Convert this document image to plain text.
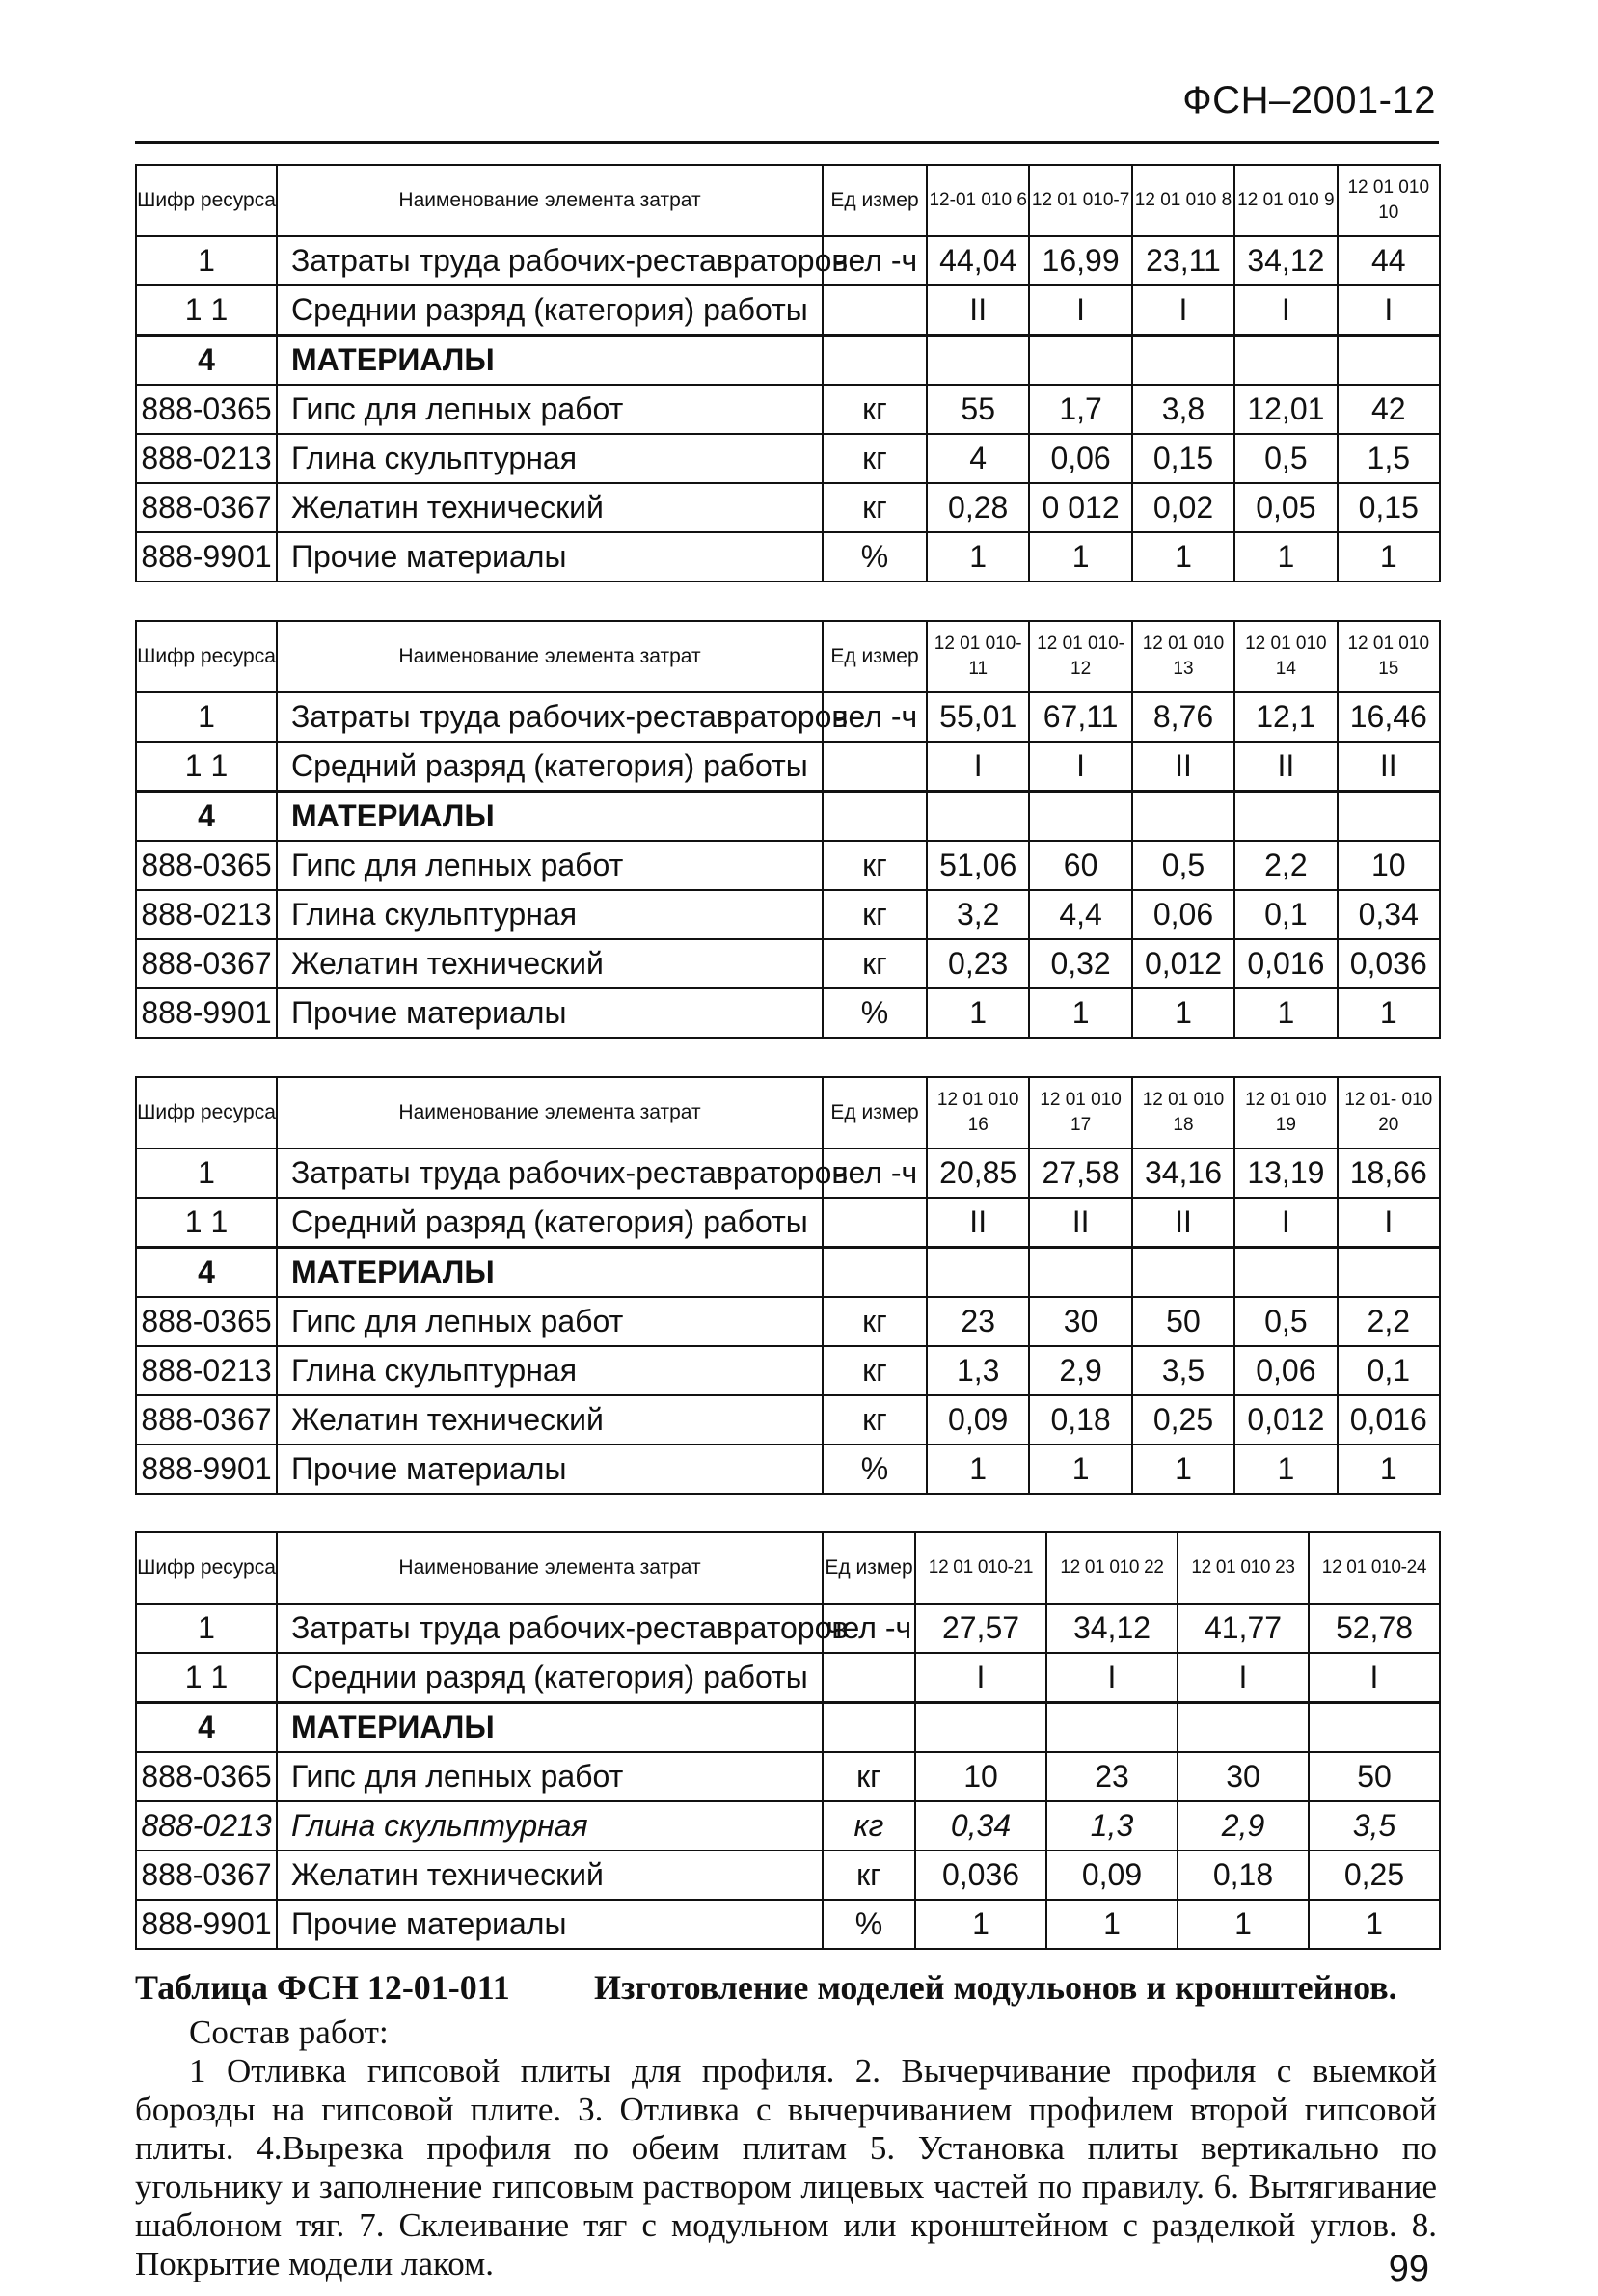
ФСН–2001-12
Шифр ресурса	Наименование элемента затрат	Ед измер	12-01 010 6	12 01 010-7	12 01 010 8	12 01 010 9	12 01 010 10
1	Затраты труда рабочих-реставраторов	чел -ч	44,04	16,99	23,11	34,12	44
1 1	Среднии разряд (категория) работы		II	I	I	I	I
4	МАТЕРИАЛЫ						
888-0365	Гипс для лепных работ	кг	55	1,7	3,8	12,01	42
888-0213	Глина скульптурная	кг	4	0,06	0,15	0,5	1,5
888-0367	Желатин технический	кг	0,28	0 012	0,02	0,05	0,15
888-9901	Прочие материалы	%	1	1	1	1	1
Шифр ресурса	Наименование элемента затрат	Ед измер	12 01 010-11	12 01 010-12	12 01 010 13	12 01 010 14	12 01 010 15
1	Затраты труда рабочих-реставраторов	чел -ч	55,01	67,11	8,76	12,1	16,46
1 1	Средний разряд (категория) работы		I	I	II	II	II
4	МАТЕРИАЛЫ						
888-0365	Гипс для лепных работ	кг	51,06	60	0,5	2,2	10
888-0213	Глина скульптурная	кг	3,2	4,4	0,06	0,1	0,34
888-0367	Желатин технический	кг	0,23	0,32	0,012	0,016	0,036
888-9901	Прочие материалы	%	1	1	1	1	1
Шифр ресурса	Наименование элемента затрат	Ед измер	12 01 010 16	12 01 010 17	12 01 010 18	12 01 010 19	12 01- 010 20
1	Затраты труда рабочих-реставраторов	чел -ч	20,85	27,58	34,16	13,19	18,66
1 1	Средний разряд (категория) работы		II	II	II	I	I
4	МАТЕРИАЛЫ						
888-0365	Гипс для лепных работ	кг	23	30	50	0,5	2,2
888-0213	Глина скульптурная	кг	1,3	2,9	3,5	0,06	0,1
888-0367	Желатин технический	кг	0,09	0,18	0,25	0,012	0,016
888-9901	Прочие материалы	%	1	1	1	1	1
Шифр ресурса	Наименование элемента затрат	Ед измер	12 01 010-21	12 01 010 22	12 01 010 23	12 01 010-24
1	Затраты труда рабочих-реставраторов	чел -ч	27,57	34,12	41,77	52,78
1 1	Среднии разряд (категория) работы		I	I	I	I
4	МАТЕРИАЛЫ					
888-0365	Гипс для лепных работ	кг	10	23	30	50
888-0213	Глина скульптурная	кг	0,34	1,3	2,9	3,5
888-0367	Желатин технический	кг	0,036	0,09	0,18	0,25
888-9901	Прочие материалы	%	1	1	1	1
Таблица ФСН 12-01-011 Изготовление моделей модульонов и кронштейнов.
Состав работ:
1 Отливка гипсовой плиты для профиля. 2. Вычерчивание профиля с выемкой борозды на гипсовой плите. 3. Отливка с вычерчиванием профилем второй гипсовой плиты. 4.Вырезка профиля по обеим плитам 5. Установка плиты вертикально по угольнику и заполнение гипсовым раствором лицевых частей по правилу. 6. Вытягивание шаблоном тяг. 7. Склеивание тяг с модульном или кронштейном с разделкой углов. 8. Покрытие модели лаком.	99
